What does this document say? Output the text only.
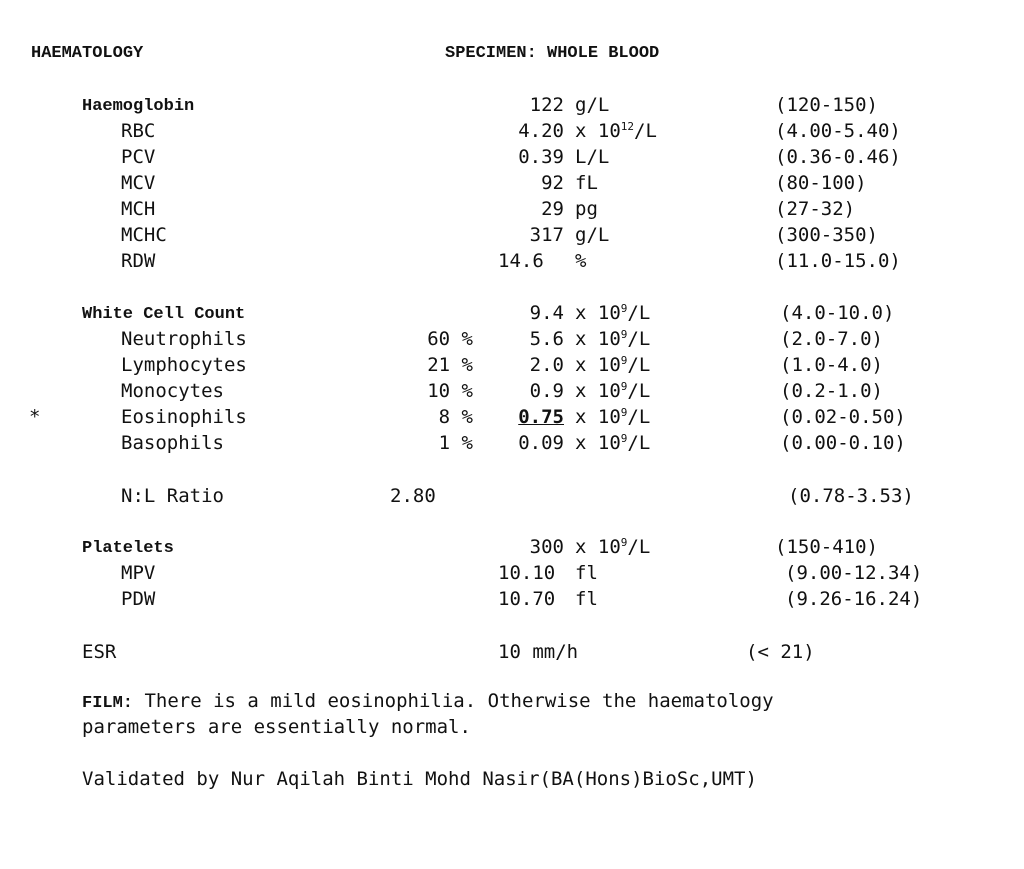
HAEMATOLOGY	SPECIMEN: WHOLE BLOOD
Haemoglobin	122 g/L	(120-150)
RBC	4.20 x $10^{12}/L$	(4.00-5.40)
PCV	0.39 L/L	(0.36-0.46)
MCV	92 fL	(80-100)
MCH	29 pg	(27-32)
MCHC	317 g/L	(300-350)
RDW	14.6 %	(11.0-15.0)
White Cell Count	9.4 x $10^9/L$	(4.0-10.0)
Neutrophils	60 %	5.6 x $10^9/L$	(2.0-7.0)
Lymphocytes	21 %	2.0 x $10^9/L$	(1.0-4.0)
Monocytes	10 %	0.9 x $10^9/L$	(0.2-1.0)
*	Eosinophils	8 %	0.75 x $10^9/L$	(0.02-0.50)
Basophils	1 %	0.09 x $10^9/L$	(0.00-0.10)
N:L Ratio	2.80	(0.78-3.53)
Platelets	300 x $10^9/L$	(150-410)
MPV	10.10 fl	(9.00-12.34)
PDW	10.70 fl	(9.26-16.24)
ESR	10 mm/h	(< 21)
FILM: There is a mild eosinophilia. Otherwise the haematology
parameters are essentially normal.
Validated by Nur Aqilah Binti Mohd Nasir(BA(Hons)BioSc,UMT)
